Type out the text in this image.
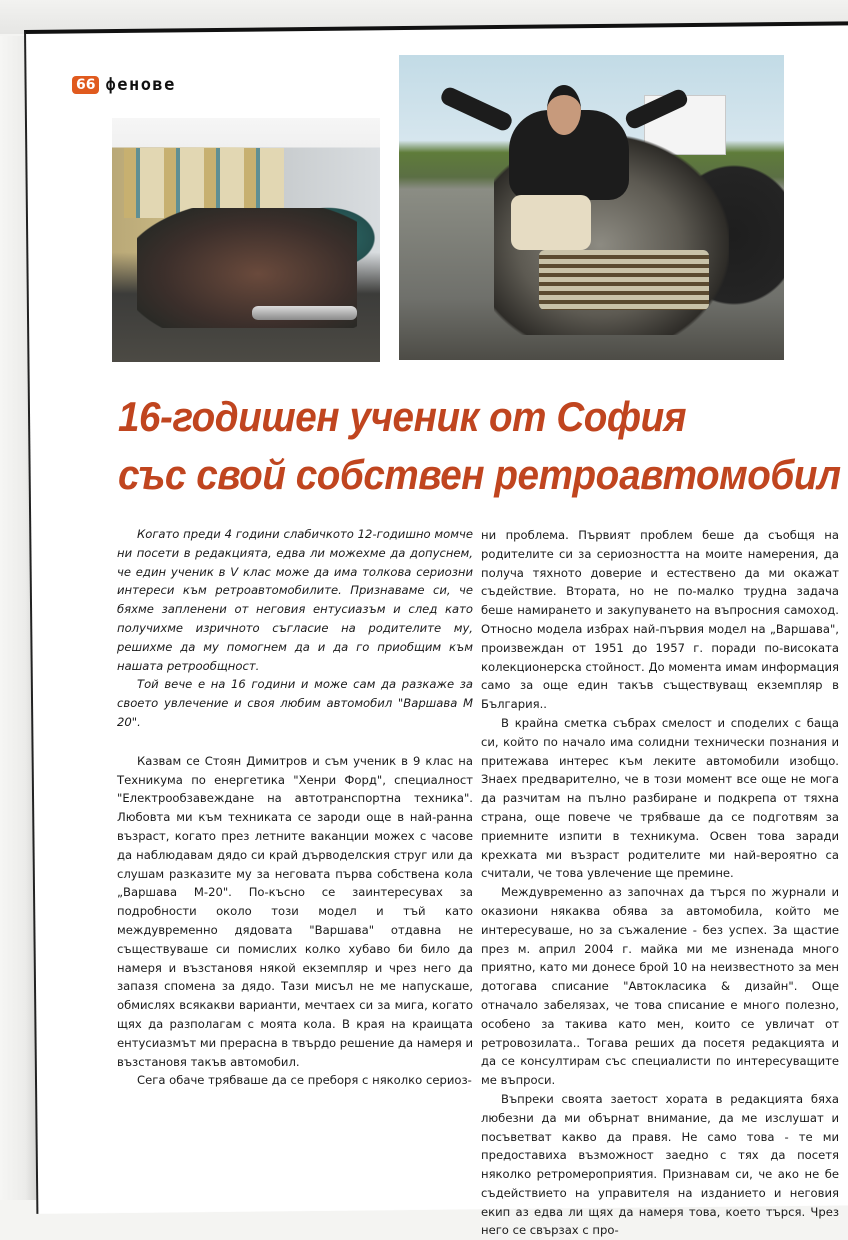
66 фенове
16-годишен ученик от София
със свой собствен ретроавтомобил

Когато преди 4 години слабичкото 12-годишно момче ни посети в редакцията, едва ли можехме да допуснем, че един ученик в V клас може да има толкова сериозни интереси към ретроавтомобилите. Признаваме си, че бяхме запленени от неговия ентусиазъм и след като получихме изричното съгласие на родителите му, решихме да му помогнем да и да го приобщим към нашата ретрообщност.

Той вече е на 16 години и може сам да разкаже за своето увлечение и своя любим автомобил "Варшава М 20".

Казвам се Стоян Димитров и съм ученик в 9 клас на Техникума по енергетика "Хенри Форд", специалност "Електрообзавеждане на автотранспортна техника". Любовта ми към техниката се зароди още в най-ранна възраст, когато през летните ваканции можех с часове да наблюдавам дядо си край дърводелския струг или да слушам разказите му за неговата първа собствена кола „Варшава М-20". По-късно се заинтересувах за подробности около този модел и тъй като междувременно дядовата "Варшава" отдавна не съществуваше си помислих колко хубаво би било да намеря и възстановя някой екземпляр и чрез него да запазя спомена за дядо. Тази мисъл не ме напускаше, обмислях всякакви варианти, мечтаех си за мига, когато щях да разполагам с моята кола. В края на краищата ентусиазмът ми прерасна в твърдо решение да намеря и възстановя такъв автомобил.

Сега обаче трябваше да се преборя с няколко сериоз-

ни проблема. Първият проблем беше да съобщя на родителите си за сериозността на моите намерения, да получа тяхното доверие и естествено да ми окажат съдействие. Втората, но не по-малко трудна задача беше намирането и закупуването на въпросния самоход. Относно модела избрах най-първия модел на „Варшава", произвеждан от 1951 до 1957 г. поради по-високата колекционерска стойност. До момента имам информация само за още един такъв съществуващ екземпляр в България..

В крайна сметка събрах смелост и споделих с баща си, който по начало има солидни технически познания и притежава интерес към леките автомобили изобщо. Знаех предварително, че в този момент все още не мога да разчитам на пълно разбиране и подкрепа от тяхна страна, още повече че трябваше да се подготвям за приемните изпити в техникума. Освен това заради крехката ми възраст родителите ми най-вероятно са считали, че това увлечение ще премине.

Междувременно аз започнах да търся по журнали и оказиони някаква обява за автомобила, който ме интересуваше, но за съжаление - без успех. За щастие през м. април 2004 г. майка ми ме изненада много приятно, като ми донесе брой 10 на неизвестното за мен дотогава списание "Автокласика & дизайн". Още отначало забелязах, че това списание е много полезно, особено за такива като мен, които се увличат от ретровозилата.. Тогава реших да посетя редакцията и да се консултирам със специалисти по интересуващите ме въпроси.

Въпреки своята заетост хората в редакцията бяха любезни да ми обърнат внимание, да ме изслушат и посъветват какво да правя. Не само това - те ми предоставиха възможност заедно с тях да посетя няколко ретромероприятия. Признавам си, че ако не бе съдействието на управителя на изданието и неговия екип аз едва ли щях да намеря това, което търся. Чрез него се свързах с про-
